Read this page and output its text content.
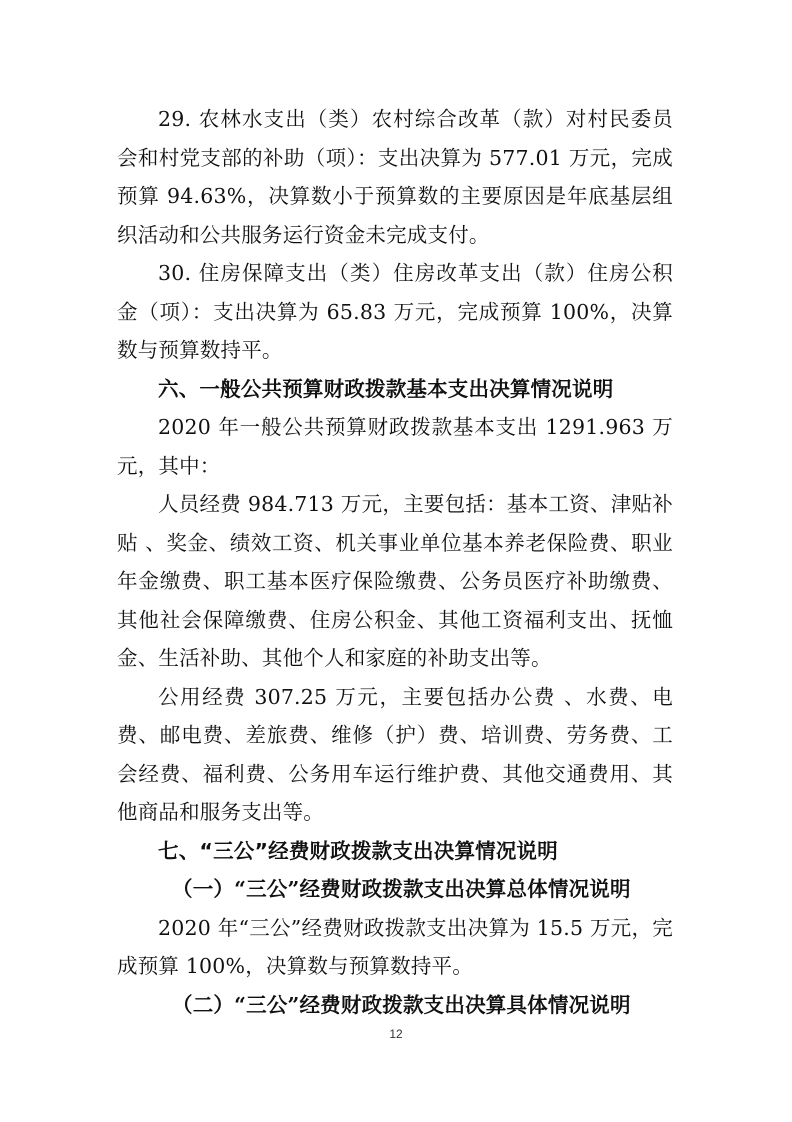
29. 农林水支出（类）农村综合改革（款）对村民委员会和村党支部的补助（项）：支出决算为 577.01 万元，完成预算 94.63%，决算数小于预算数的主要原因是年底基层组织活动和公共服务运行资金未完成支付。

30. 住房保障支出（类）住房改革支出（款）住房公积金（项）：支出决算为 65.83 万元，完成预算 100%，决算数与预算数持平。

六、一般公共预算财政拨款基本支出决算情况说明

2020 年一般公共预算财政拨款基本支出 1291.963 万元，其中：

人员经费 984.713 万元，主要包括：基本工资、津贴补贴 、奖金、绩效工资、机关事业单位基本养老保险费、职业年金缴费、职工基本医疗保险缴费、公务员医疗补助缴费、其他社会保障缴费、住房公积金、其他工资福利支出、抚恤金、生活补助、其他个人和家庭的补助支出等。

公用经费 307.25 万元，主要包括办公费 、水费、电费、邮电费、差旅费、维修（护）费、培训费、劳务费、工会经费、福利费、公务用车运行维护费、其他交通费用、其他商品和服务支出等。

七、“三公”经费财政拨款支出决算情况说明

（一）“三公”经费财政拨款支出决算总体情况说明

2020 年“三公”经费财政拨款支出决算为 15.5 万元，完成预算 100%，决算数与预算数持平。

（二）“三公”经费财政拨款支出决算具体情况说明

12
